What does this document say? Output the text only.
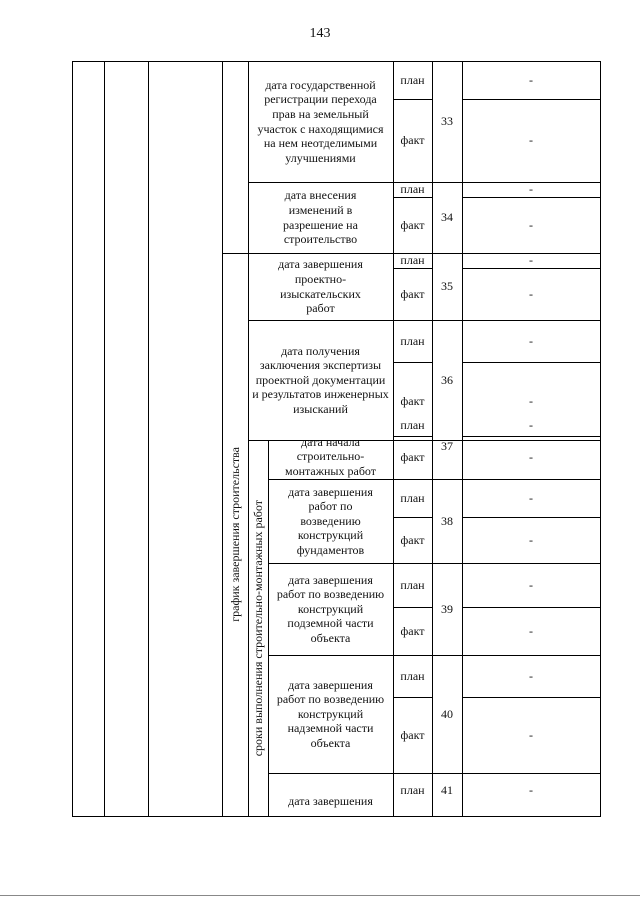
143
график завершения строительства сроки выполнения строительно-монтажных работ
дата государственной регистрации перехода прав на земельный участок с находящимися на нем неотделимыми улучшениями
план
факт
33
-
-
дата внесения изменений в разрешение на строительство
план
факт
34
-
-
дата завершения проектно-изыскательских работ
план
факт
35
-
-
дата получения заключения экспертизы проектной документации и результатов инженерных изысканий
план
факт
36
-
-
дата начала строительно-монтажных работ
план
факт
37
-
-
дата завершения работ по возведению конструкций фундаментов
план
факт
38
-
-
дата завершения работ по возведению конструкций подземной части объекта
план
факт
39
-
-
дата завершения работ по возведению конструкций надземной части объекта
план
факт
40
-
-
дата завершения
план	41	-
